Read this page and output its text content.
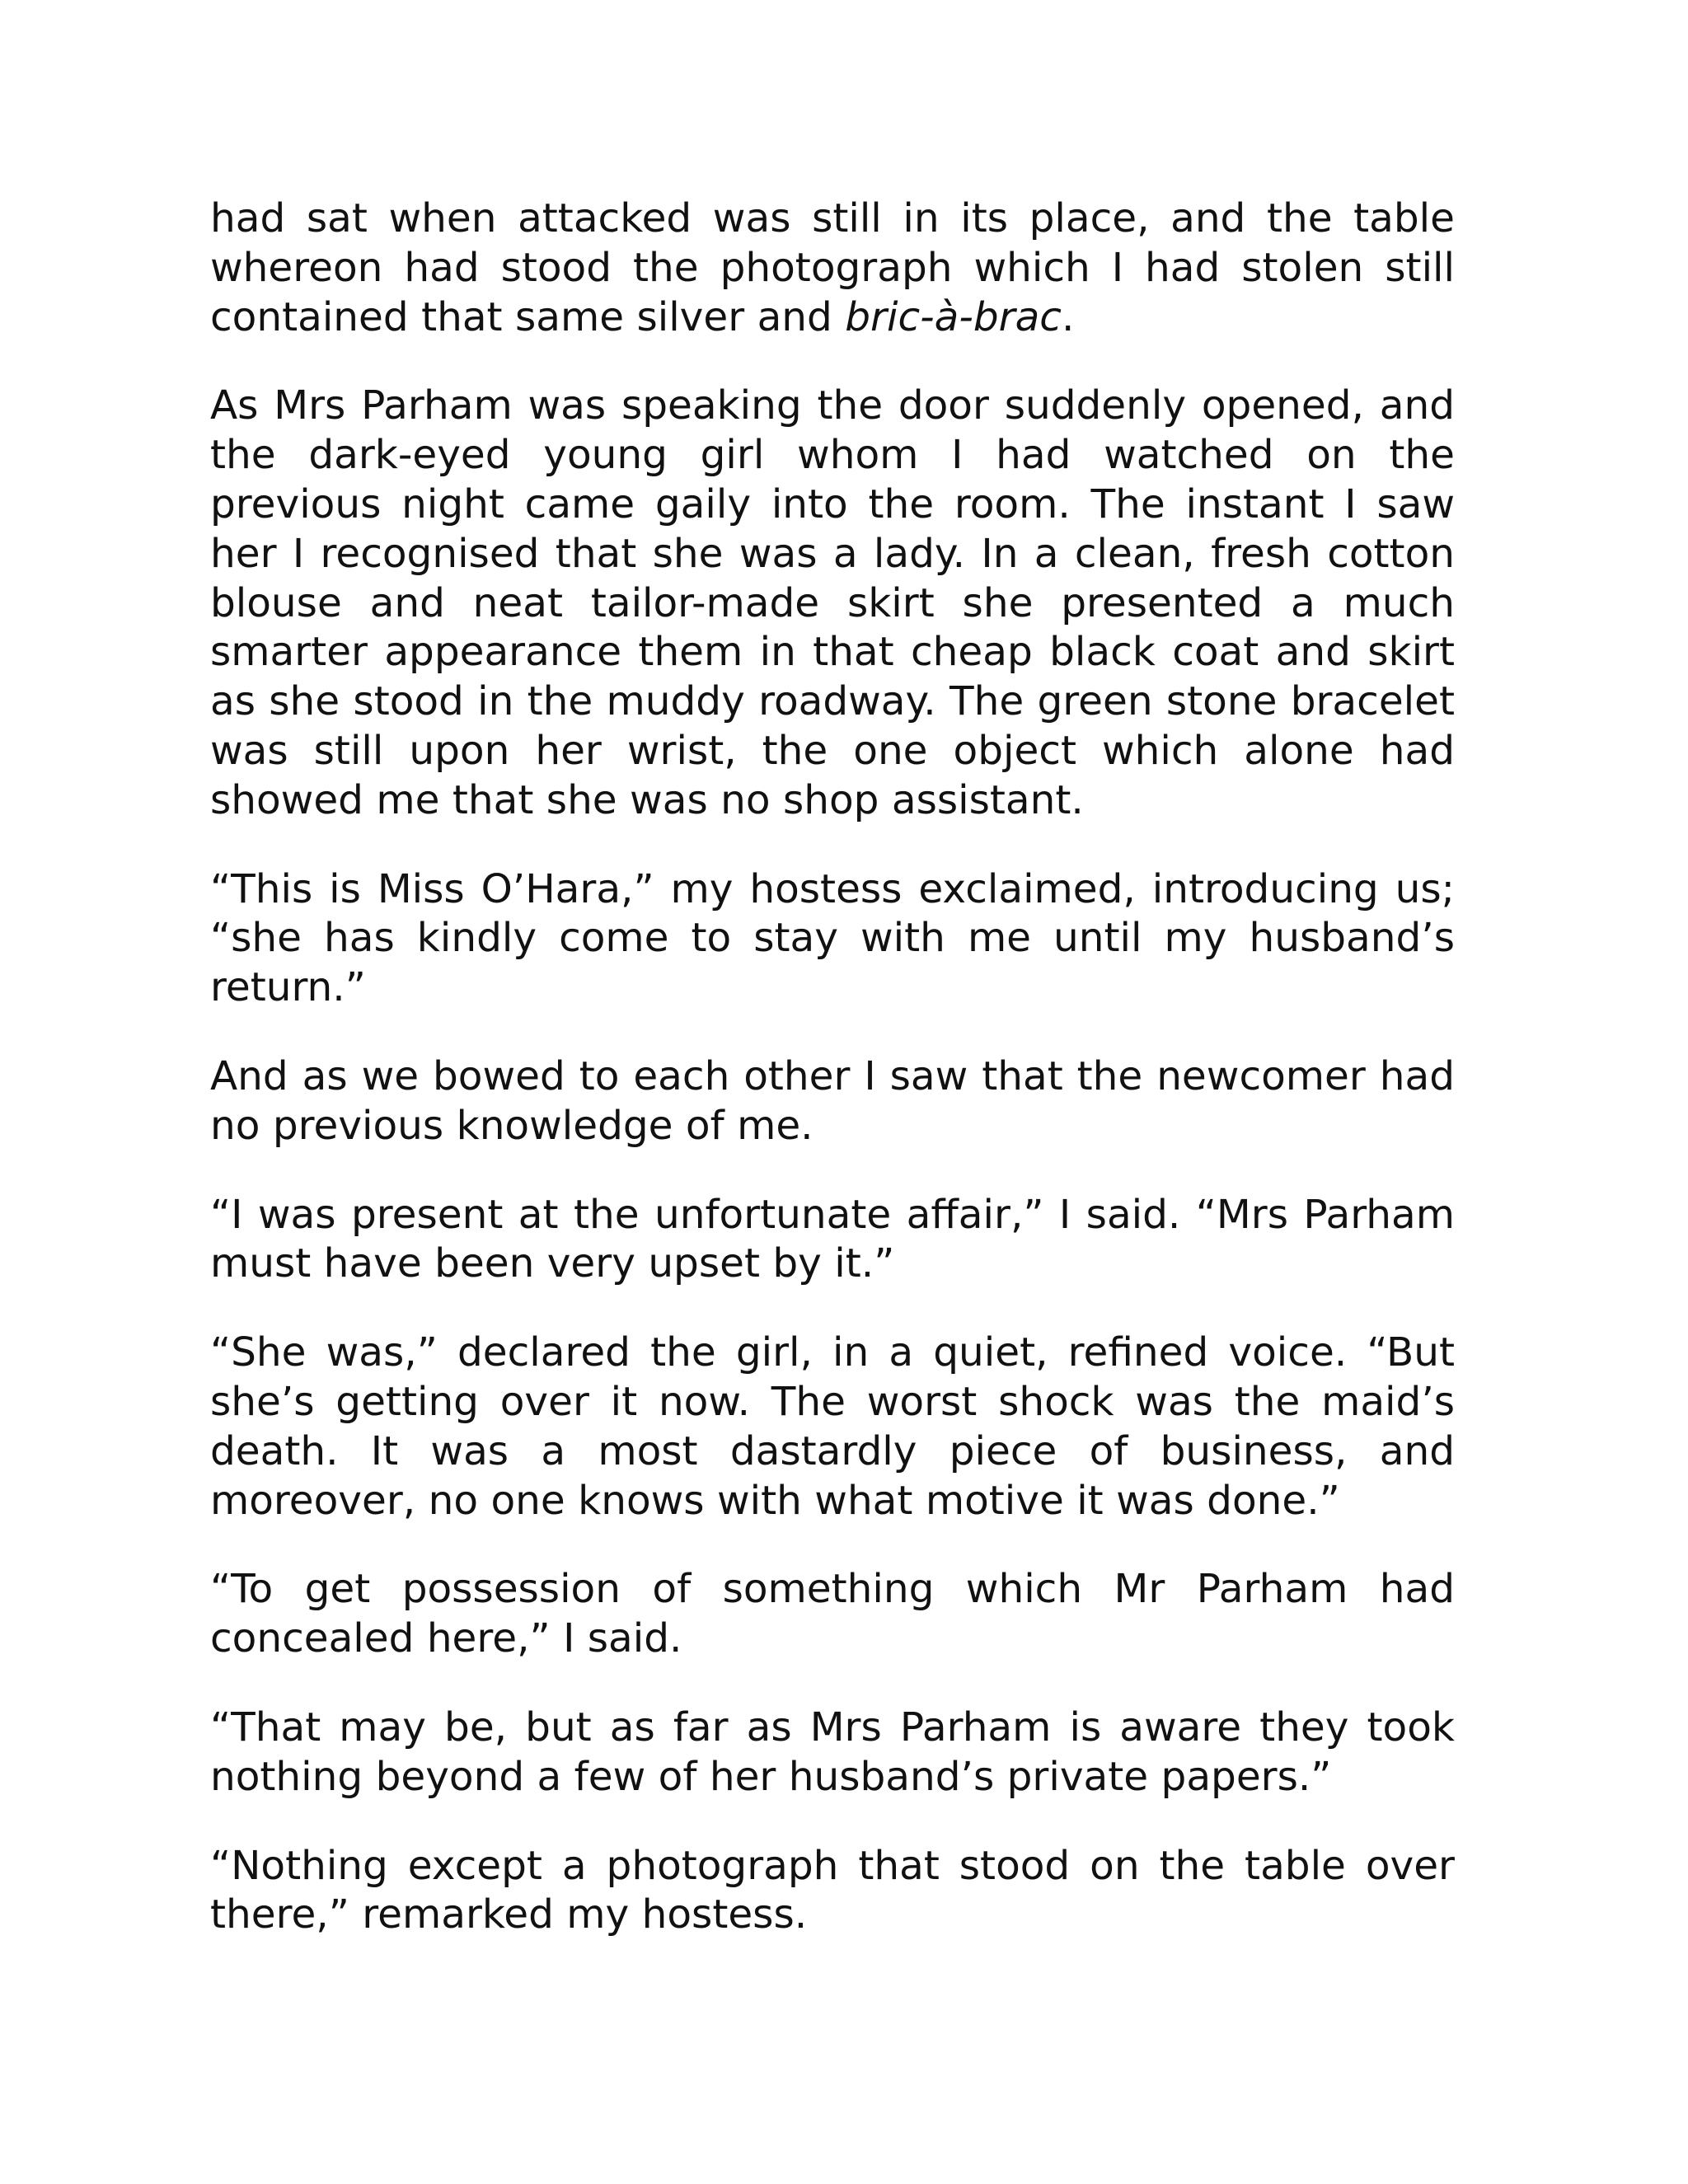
had sat when attacked was still in its place, and the table whereon had stood the photograph which I had stolen still contained that same silver and bric-à-brac.

As Mrs Parham was speaking the door suddenly opened, and the dark-eyed young girl whom I had watched on the previous night came gaily into the room. The instant I saw her I recognised that she was a lady. In a clean, fresh cotton blouse and neat tailor-made skirt she presented a much smarter appearance them in that cheap black coat and skirt as she stood in the muddy roadway. The green stone bracelet was still upon her wrist, the one object which alone had showed me that she was no shop assistant.

“This is Miss O’Hara,” my hostess exclaimed, introducing us; “she has kindly come to stay with me until my husband’s return.”

And as we bowed to each other I saw that the newcomer had no previous knowledge of me.

“I was present at the unfortunate affair,” I said. “Mrs Parham must have been very upset by it.”

“She was,” declared the girl, in a quiet, refined voice. “But she’s getting over it now. The worst shock was the maid’s death. It was a most dastardly piece of business, and moreover, no one knows with what motive it was done.”

“To get possession of something which Mr Parham had concealed here,” I said.

“That may be, but as far as Mrs Parham is aware they took nothing beyond a few of her husband’s private papers.”

“Nothing except a photograph that stood on the table over there,” remarked my hostess.
